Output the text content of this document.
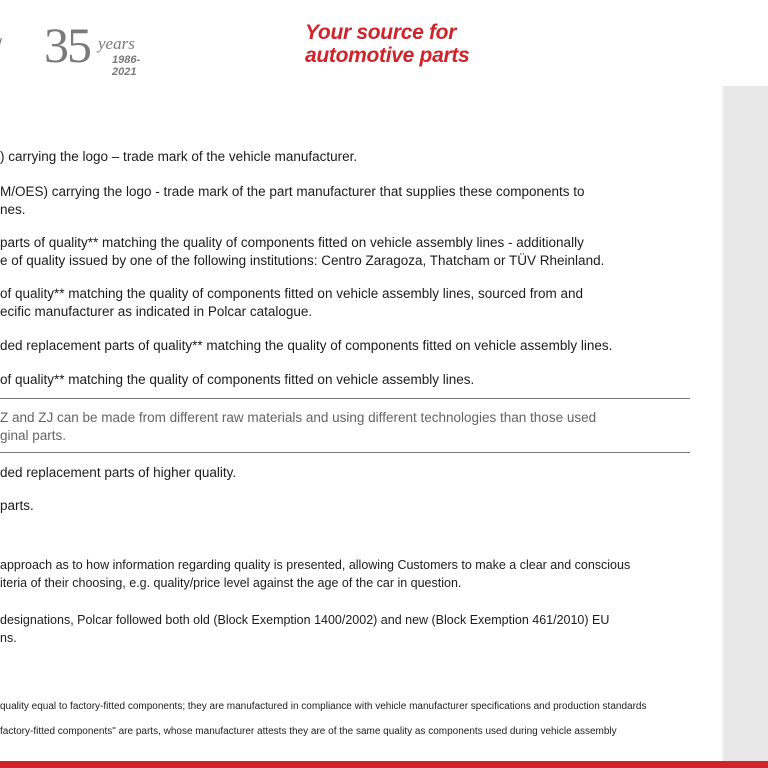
35 years
1986-2021
Your source for
automotive parts
) carrying the logo – trade mark of the vehicle manufacturer.
M/OES) carrying the logo - trade mark of the part manufacturer that supplies these components to
nes.
parts of quality** matching the quality of components fitted on vehicle assembly lines - additionally
e of quality issued by one of the following institutions: Centro Zaragoza, Thatcham or TÜV Rheinland.
of quality** matching the quality of components fitted on vehicle assembly lines, sourced from and
ecific manufacturer as indicated in Polcar catalogue.
ded replacement parts of quality** matching the quality of components fitted on vehicle assembly lines.
of quality** matching the quality of components fitted on vehicle assembly lines.
Z and ZJ can be made from different raw materials and using different technologies than those used
ginal parts.
ded replacement parts of higher quality.
parts.
approach as to how information regarding quality is presented, allowing Customers to make a clear and conscious
iteria of their choosing, e.g. quality/price level against the age of the car in question.
designations, Polcar followed both old (Block Exemption 1400/2002) and new (Block Exemption 461/2010) EU
ns.
quality equal to factory-fitted components; they are manufactured in compliance with vehicle manufacturer specifications and production standards
factory-fitted components" are parts, whose manufacturer attests they are of the same quality as components used during vehicle assembly
